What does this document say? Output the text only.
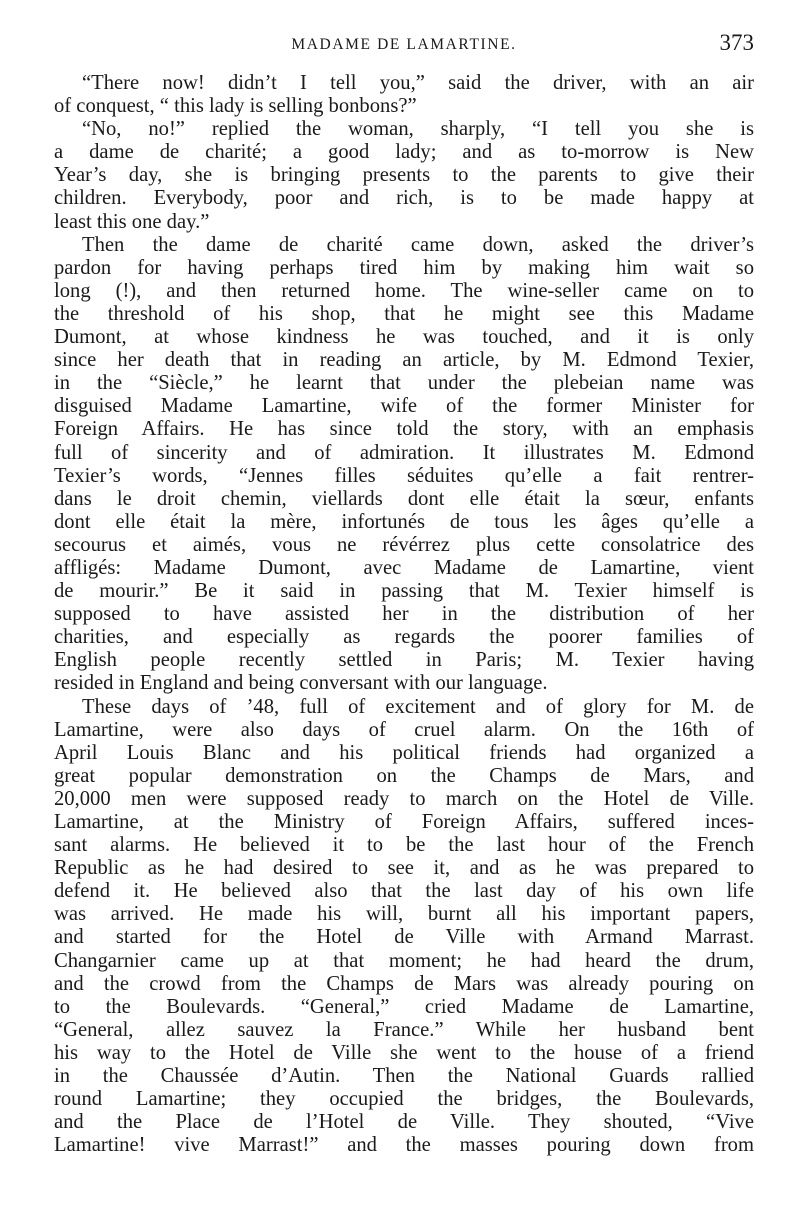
MADAME DE LAMARTINE.	373
“There now! didn’t I tell you,” said the driver, with an air
of conquest, “ this lady is selling bonbons?”
“No, no!” replied the woman, sharply, “I tell you she is
a dame de charité; a good lady; and as to-morrow is New
Year’s day, she is bringing presents to the parents to give their
children. Everybody, poor and rich, is to be made happy at
least this one day.”
Then the dame de charité came down, asked the driver’s
pardon for having perhaps tired him by making him wait so
long (!), and then returned home. The wine-seller came on to
the threshold of his shop, that he might see this Madame
Dumont, at whose kindness he was touched, and it is only
since her death that in reading an article, by M. Edmond Texier,
in the “Siècle,” he learnt that under the plebeian name was
disguised Madame Lamartine, wife of the former Minister for
Foreign Affairs. He has since told the story, with an emphasis
full of sincerity and of admiration. It illustrates M. Edmond
Texier’s words, “Jennes filles séduites qu’elle a fait rentrer-
dans le droit chemin, viellards dont elle était la sœur, enfants
dont elle était la mère, infortunés de tous les âges qu’elle a
secourus et aimés, vous ne révérrez plus cette consolatrice des
affligés: Madame Dumont, avec Madame de Lamartine, vient
de mourir.” Be it said in passing that M. Texier himself is
supposed to have assisted her in the distribution of her
charities, and especially as regards the poorer families of
English people recently settled in Paris; M. Texier having
resided in England and being conversant with our language.
These days of ’48, full of excitement and of glory for M. de
Lamartine, were also days of cruel alarm. On the 16th of
April Louis Blanc and his political friends had organized a
great popular demonstration on the Champs de Mars, and
20,000 men were supposed ready to march on the Hotel de Ville.
Lamartine, at the Ministry of Foreign Affairs, suffered inces-
sant alarms. He believed it to be the last hour of the French
Republic as he had desired to see it, and as he was prepared to
defend it. He believed also that the last day of his own life
was arrived. He made his will, burnt all his important papers,
and started for the Hotel de Ville with Armand Marrast.
Changarnier came up at that moment; he had heard the drum,
and the crowd from the Champs de Mars was already pouring on
to the Boulevards. “General,” cried Madame de Lamartine,
“General, allez sauvez la France.” While her husband bent
his way to the Hotel de Ville she went to the house of a friend
in the Chaussée d’Autin. Then the National Guards rallied
round Lamartine; they occupied the bridges, the Boulevards,
and the Place de l’Hotel de Ville. They shouted, “Vive
Lamartine! vive Marrast!” and the masses pouring down from
